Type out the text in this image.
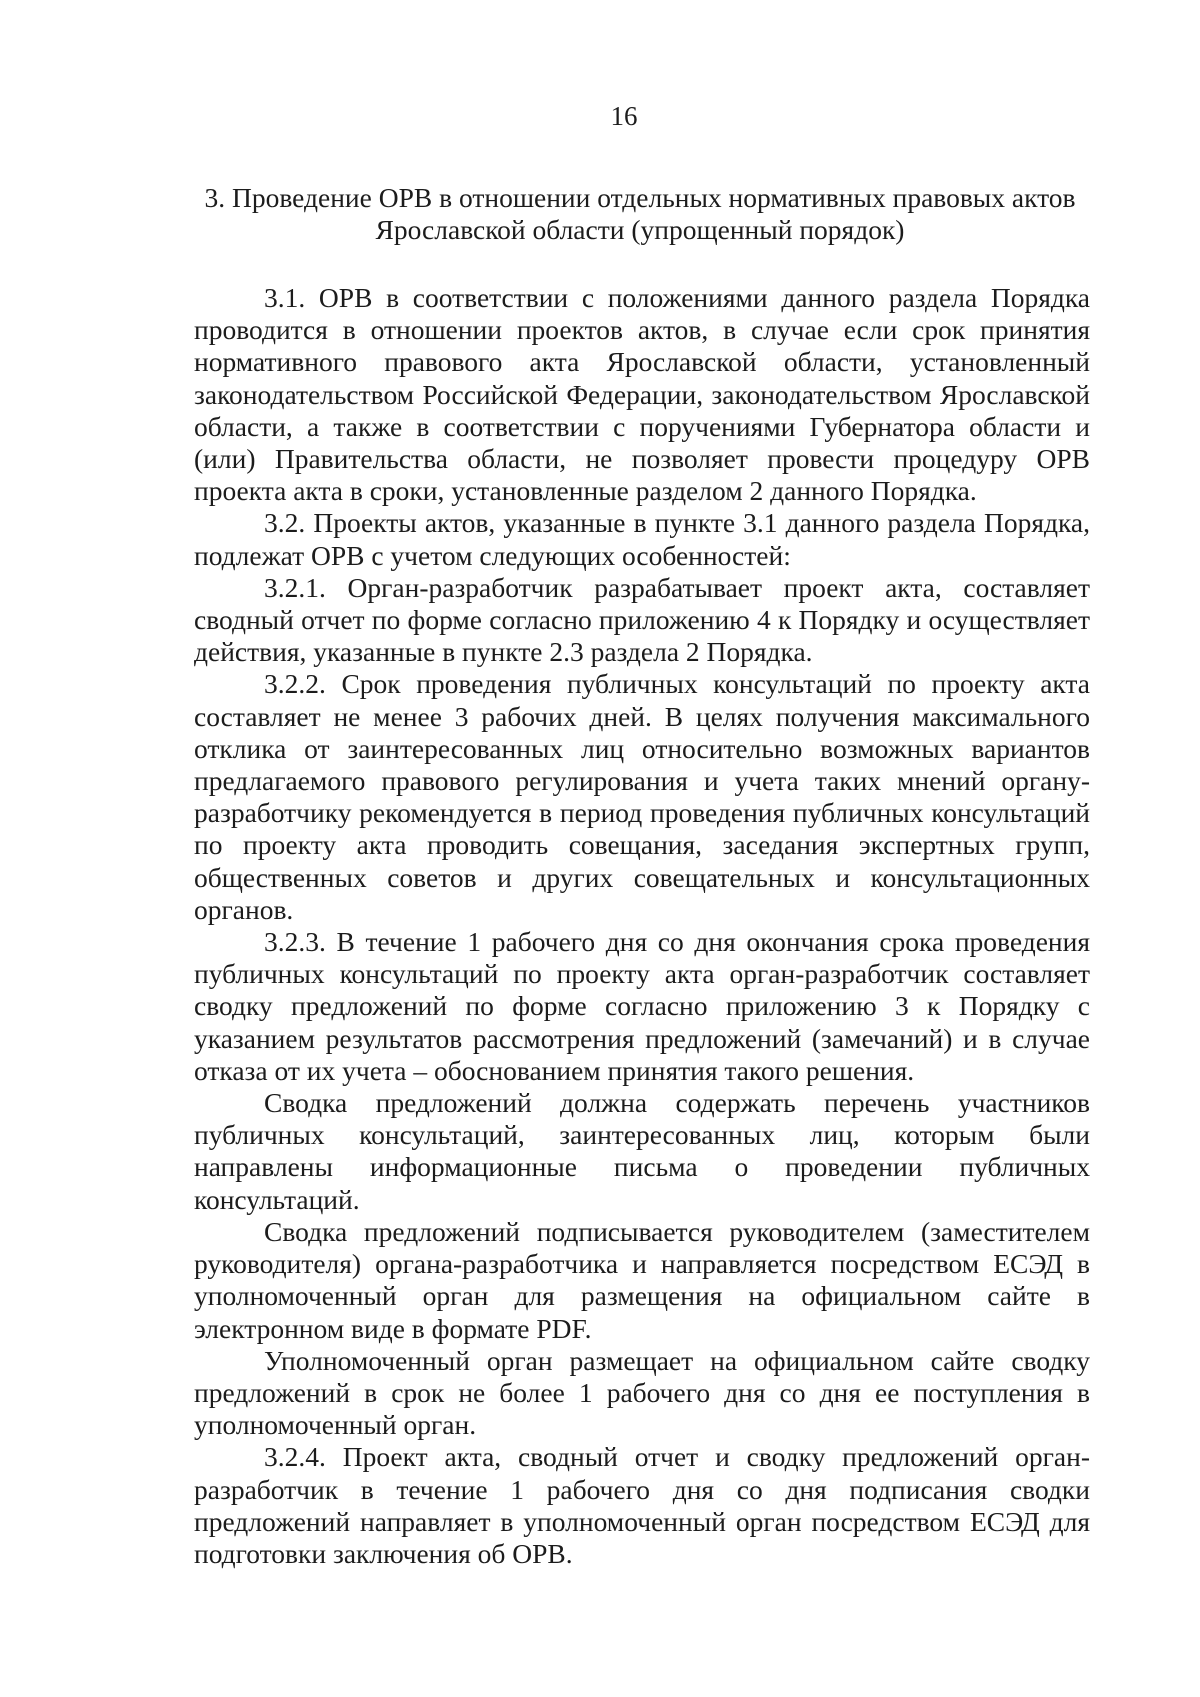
16
3. Проведение ОРВ в отношении отдельных нормативных правовых актов
Ярославской области (упрощенный порядок)

3.1. ОРВ в соответствии с положениями данного раздела Порядка проводится в отношении проектов актов, в случае если срок принятия нормативного правового акта Ярославской области, установленный законодательством Российской Федерации, законодательством Ярославской области, а также в соответствии с поручениями Губернатора области и (или) Правительства области, не позволяет провести процедуру ОРВ проекта акта в сроки, установленные разделом 2 данного Порядка.

3.2. Проекты актов, указанные в пункте 3.1 данного раздела Порядка, подлежат ОРВ с учетом следующих особенностей:

3.2.1. Орган-разработчик разрабатывает проект акта, составляет сводный отчет по форме согласно приложению 4 к Порядку и осуществляет действия, указанные в пункте 2.3 раздела 2 Порядка.

3.2.2. Срок проведения публичных консультаций по проекту акта составляет не менее 3 рабочих дней. В целях получения максимального отклика от заинтересованных лиц относительно возможных вариантов предлагаемого правового регулирования и учета таких мнений органу-разработчику рекомендуется в период проведения публичных консультаций по проекту акта проводить совещания, заседания экспертных групп, общественных советов и других совещательных и консультационных органов.

3.2.3. В течение 1 рабочего дня со дня окончания срока проведения публичных консультаций по проекту акта орган-разработчик составляет сводку предложений по форме согласно приложению 3 к Порядку с указанием результатов рассмотрения предложений (замечаний) и в случае отказа от их учета – обоснованием принятия такого решения.

Сводка предложений должна содержать перечень участников публичных консультаций, заинтересованных лиц, которым были направлены информационные письма о проведении публичных консультаций.

Сводка предложений подписывается руководителем (заместителем руководителя) органа-разработчика и направляется посредством ЕСЭД в уполномоченный орган для размещения на официальном сайте в электронном виде в формате PDF.

Уполномоченный орган размещает на официальном сайте сводку предложений в срок не более 1 рабочего дня со дня ее поступления в уполномоченный орган.

3.2.4. Проект акта, сводный отчет и сводку предложений орган-разработчик в течение 1 рабочего дня со дня подписания сводки предложений направляет в уполномоченный орган посредством ЕСЭД для подготовки заключения об ОРВ.
